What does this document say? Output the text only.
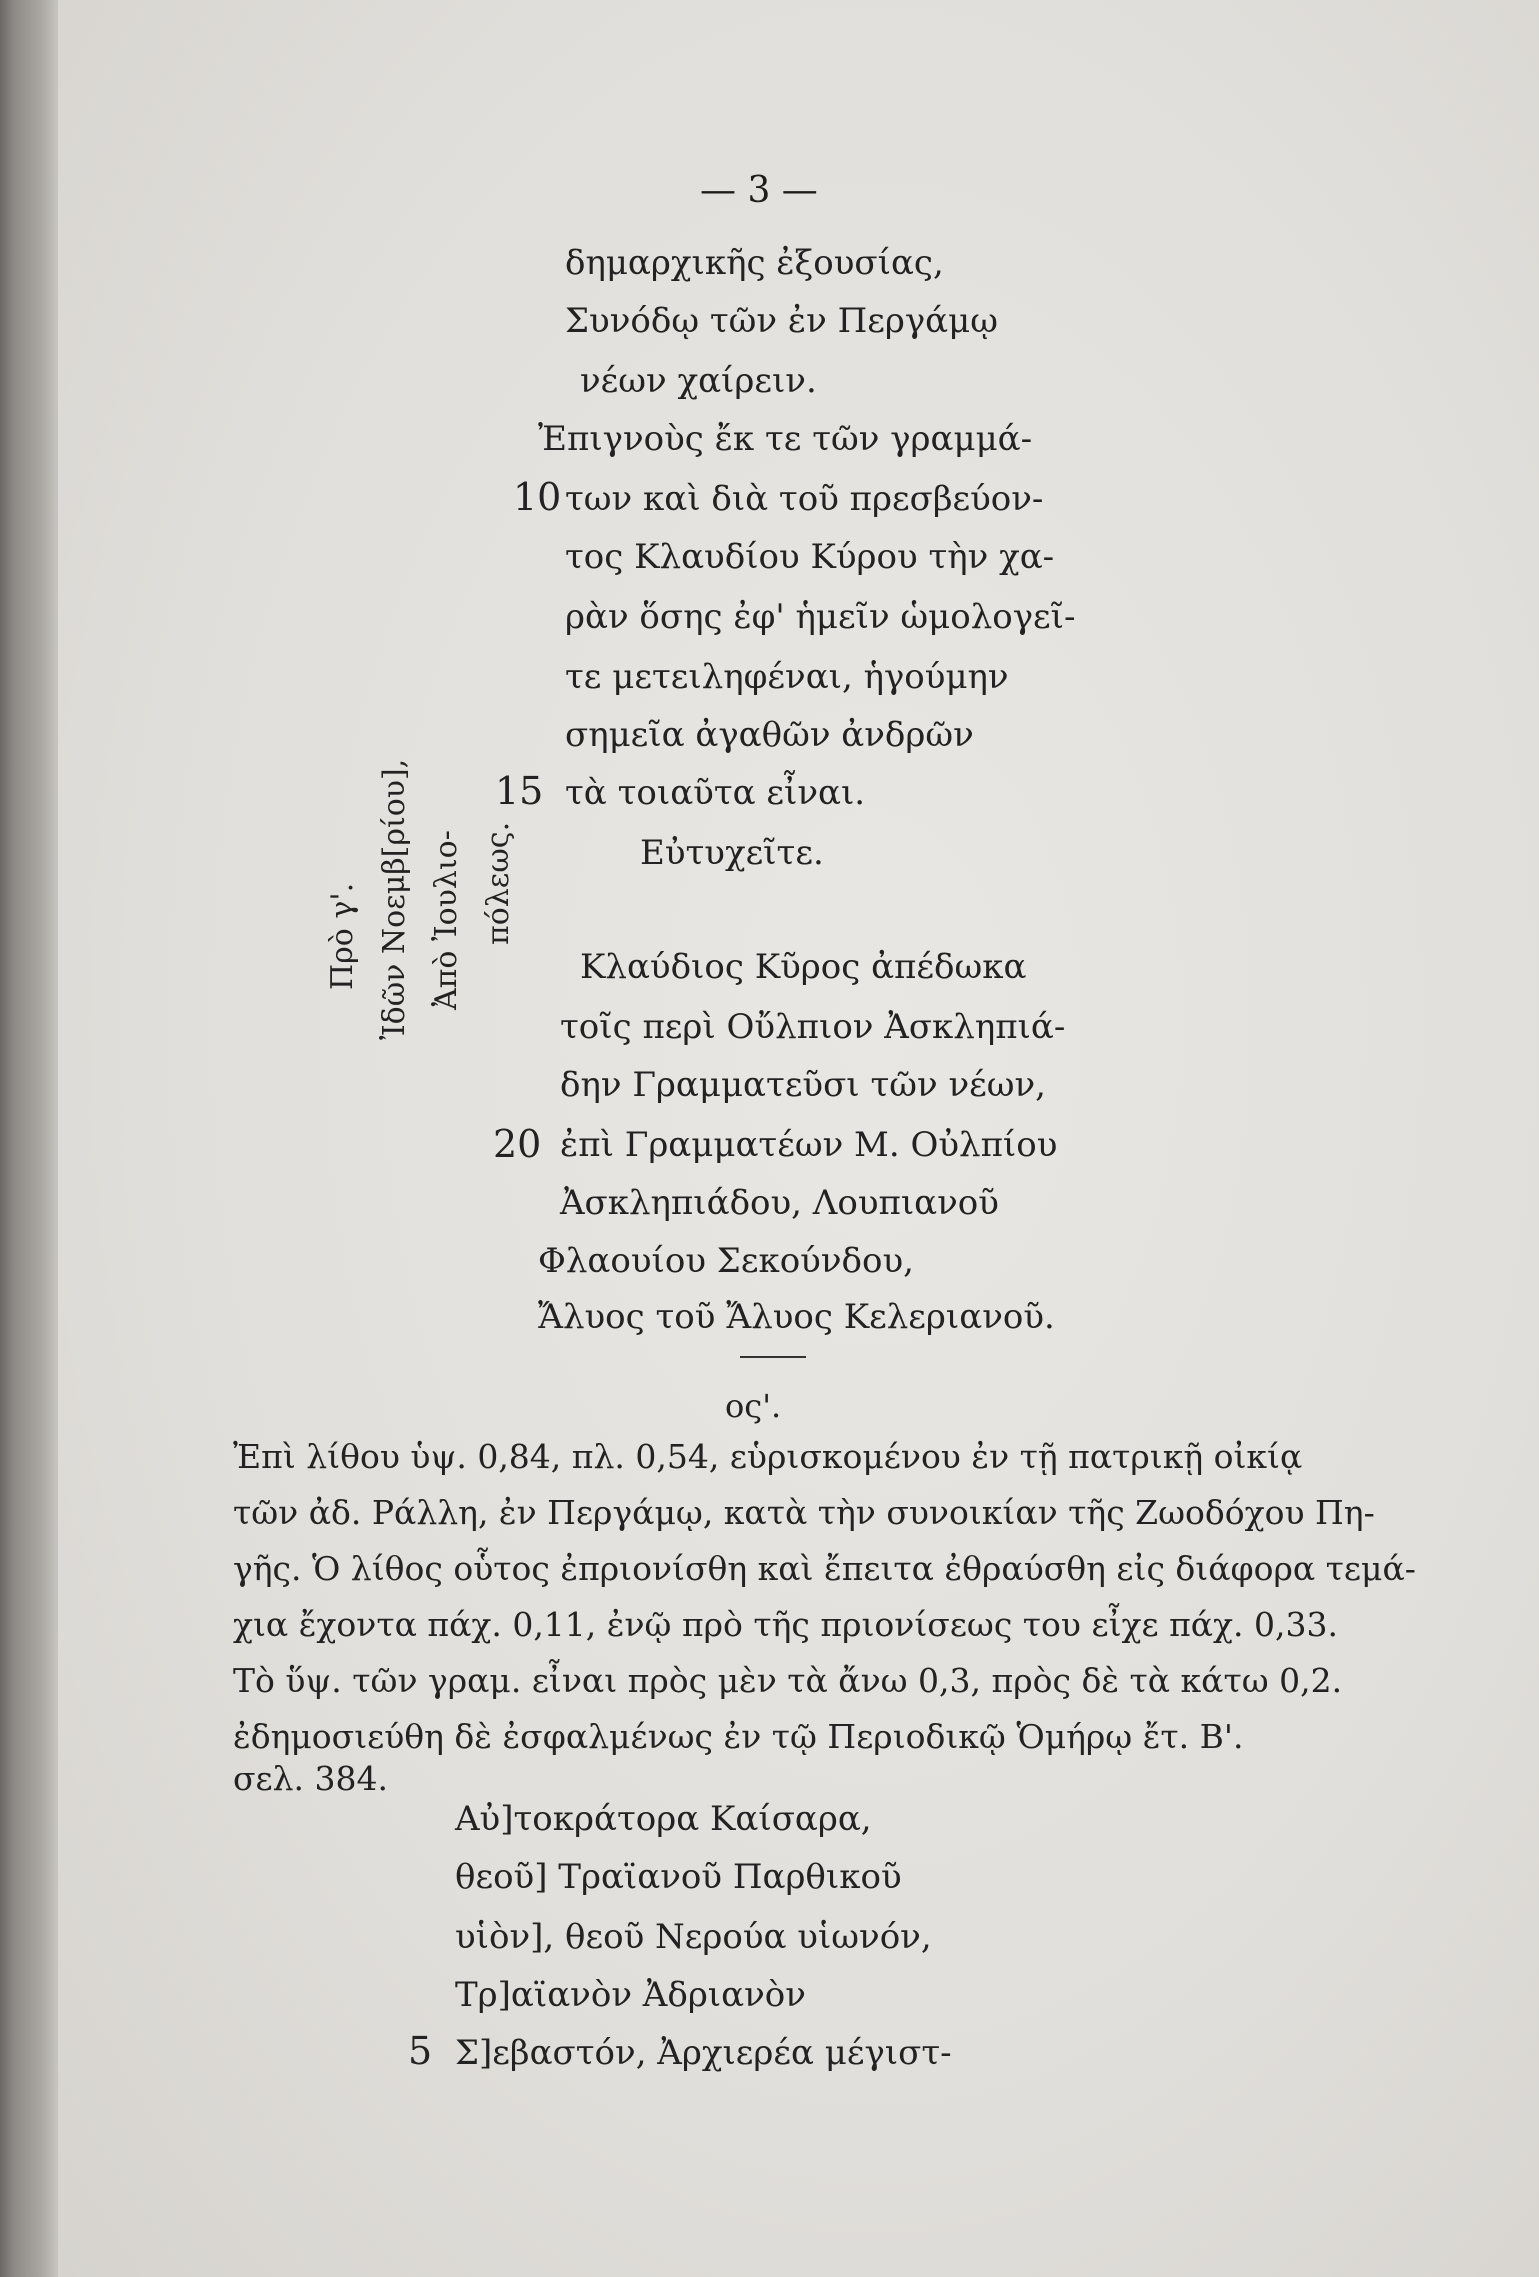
— 3 —
δημαρχικῆς ἐξουσίας,
Συνόδῳ τῶν ἐν Περγάμῳ
νέων χαίρειν.
Ἐπιγνοὺς ἔκ τε τῶν γραμμά-
των καὶ διὰ τοῦ πρεσβεύον-
τος Κλαυδίου Κύρου τὴν χα-
ρὰν ὅσης ἐφ' ἡμεῖν ὡμολογεῖ-
τε μετειληφέναι, ἡγούμην
σημεῖα ἀγαθῶν ἀνδρῶν
τὰ τοιαῦτα εἶναι.
Εὐτυχεῖτε.
Κλαύδιος Κῦρος ἀπέδωκα
τοῖς περὶ Οὔλπιον Ἀσκληπιά-
δην Γραμματεῦσι τῶν νέων,
ἐπὶ Γραμματέων Μ. Οὐλπίου
Ἀσκληπιάδου, Λουπιανοῦ
Φλαουίου Σεκούνδου,
Ἄλυος τοῦ Ἄλυος Κελεριανοῦ.
10
15
20
Πρὸ γ'. Ἰδῶν Νοεμβ[ρίου], Ἀπὸ Ἰουλιο- πόλεως.
ος'.
Ἐπὶ λίθου ὑψ. 0,84, πλ. 0,54, εὑρισκομένου ἐν τῇ πατρικῇ οἰκίᾳ
τῶν ἀδ. Ράλλη, ἐν Περγάμῳ, κατὰ τὴν συνοικίαν τῆς Ζωοδόχου Πη-
γῆς. Ὁ λίθος οὗτος ἐπριονίσθη καὶ ἔπειτα ἐθραύσθη εἰς διάφορα τεμά-
χια ἔχοντα πάχ. 0,11, ἐνῷ πρὸ τῆς πριονίσεως του εἶχε πάχ. 0,33.
Τὸ ὕψ. τῶν γραμ. εἶναι πρὸς μὲν τὰ ἄνω 0,3, πρὸς δὲ τὰ κάτω 0,2.
ἐδημοσιεύθη δὲ ἐσφαλμένως ἐν τῷ Περιοδικῷ Ὁμήρῳ ἔτ. Β'.
σελ. 384.
Αὐ]τοκράτορα Καίσαρα,
θεοῦ] Τραϊανοῦ Παρθικοῦ
υἱὸν], θεοῦ Νερούα υἱωνόν,
Τρ]αϊανὸν Ἀδριανὸν
Σ]εβαστόν, Ἀρχιερέα μέγιστ-
5
